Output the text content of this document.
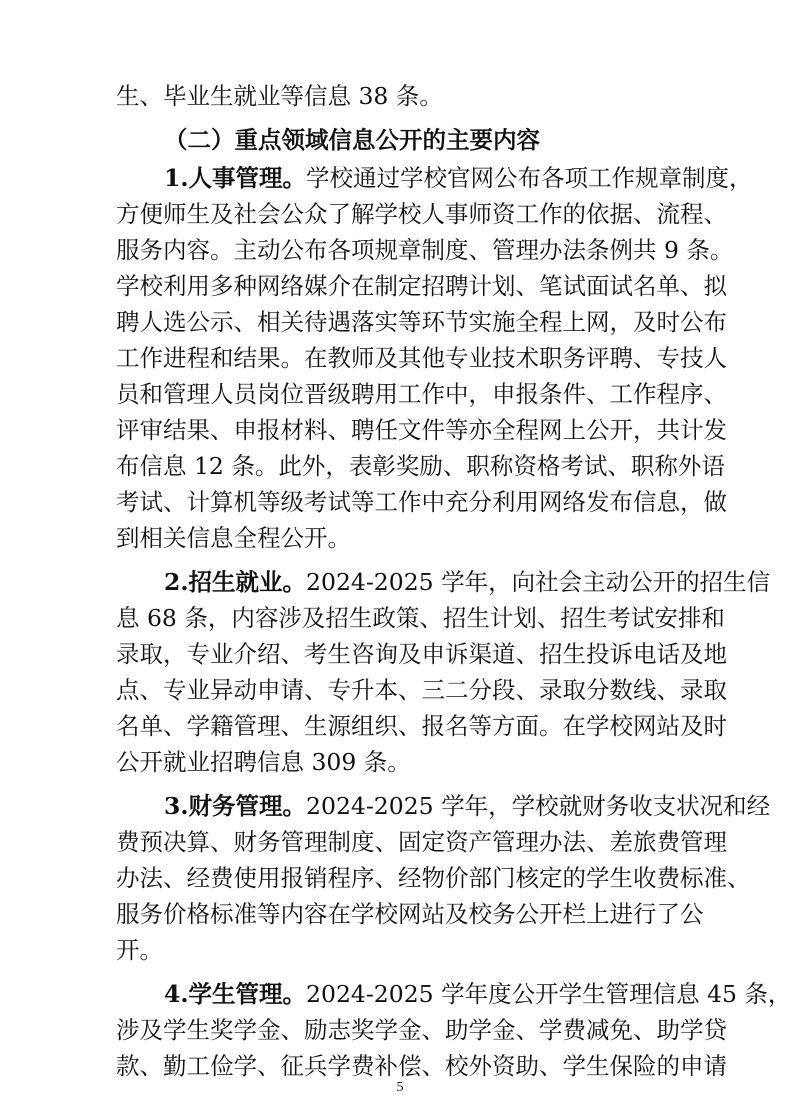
生、毕业生就业等信息 38 条。
（二）重点领域信息公开的主要内容
1.人事管理。学校通过学校官网公布各项工作规章制度，
方便师生及社会公众了解学校人事师资工作的依据、流程、
服务内容。主动公布各项规章制度、管理办法条例共 9 条。
学校利用多种网络媒介在制定招聘计划、笔试面试名单、拟
聘人选公示、相关待遇落实等环节实施全程上网，及时公布
工作进程和结果。在教师及其他专业技术职务评聘、专技人
员和管理人员岗位晋级聘用工作中，申报条件、工作程序、
评审结果、申报材料、聘任文件等亦全程网上公开，共计发
布信息 12 条。此外，表彰奖励、职称资格考试、职称外语
考试、计算机等级考试等工作中充分利用网络发布信息，做
到相关信息全程公开。
2.招生就业。2024-2025 学年，向社会主动公开的招生信
息 68 条，内容涉及招生政策、招生计划、招生考试安排和
录取，专业介绍、考生咨询及申诉渠道、招生投诉电话及地
点、专业异动申请、专升本、三二分段、录取分数线、录取
名单、学籍管理、生源组织、报名等方面。在学校网站及时
公开就业招聘信息 309 条。
3.财务管理。2024-2025 学年，学校就财务收支状况和经
费预决算、财务管理制度、固定资产管理办法、差旅费管理
办法、经费使用报销程序、经物价部门核定的学生收费标准、
服务价格标准等内容在学校网站及校务公开栏上进行了公
开。
4.学生管理。2024-2025 学年度公开学生管理信息 45 条，
涉及学生奖学金、励志奖学金、助学金、学费减免、助学贷
款、勤工俭学、征兵学费补偿、校外资助、学生保险的申请
5
